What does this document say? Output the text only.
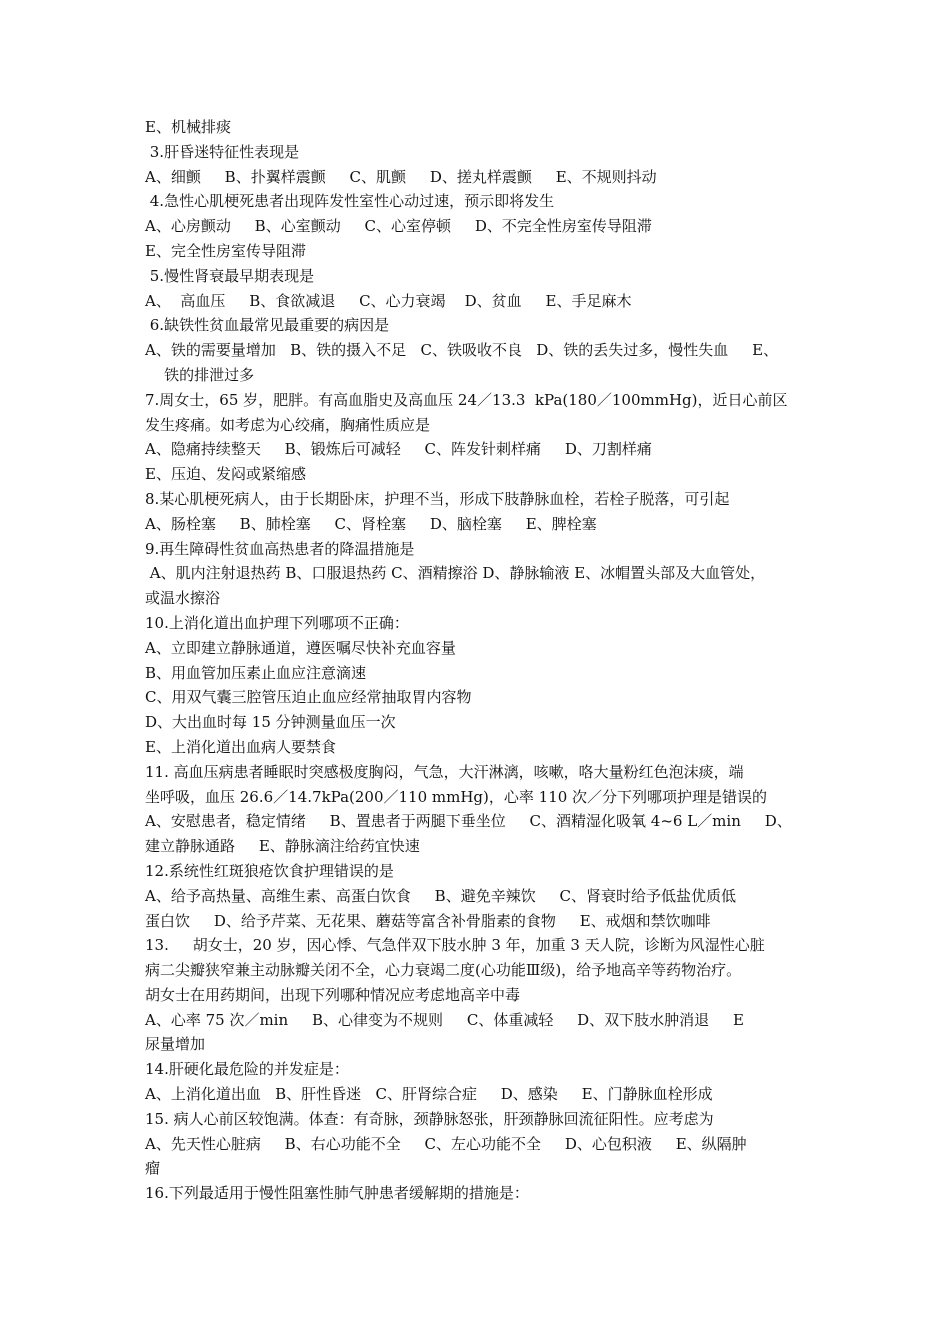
E、机械排痰
3.肝昏迷特征性表现是
A、细颤     B、扑翼样震颤     C、肌颤     D、搓丸样震颤     E、不规则抖动
4.急性心肌梗死患者出现阵发性室性心动过速，预示即将发生
A、心房颤动     B、心室颤动     C、心室停顿     D、不完全性房室传导阻滞
E、完全性房室传导阻滞
5.慢性肾衰最早期表现是
A、  高血压     B、食欲减退     C、心力衰竭    D、贫血     E、手足麻木
6.缺铁性贫血最常见最重要的病因是
A、铁的需要量增加   B、铁的摄入不足   C、铁吸收不良   D、铁的丢失过多，慢性失血     E、
铁的排泄过多
7.周女士，65 岁，肥胖。有高血脂史及高血压 24／13.3  kPa(180／100mmHg)，近日心前区
发生疼痛。如考虑为心绞痛，胸痛性质应是
A、隐痛持续整天     B、锻炼后可减轻     C、阵发针刺样痛     D、刀割样痛
E、压迫、发闷或紧缩感
8.某心肌梗死病人，由于长期卧床，护理不当，形成下肢静脉血栓，若栓子脱落，可引起
A、肠栓塞     B、肺栓塞     C、肾栓塞     D、脑栓塞     E、脾栓塞
9.再生障碍性贫血高热患者的降温措施是
A、肌内注射退热药 B、口服退热药 C、酒精擦浴 D、静脉输液 E、冰帽置头部及大血管处，
或温水擦浴
10.上消化道出血护理下列哪项不正确：
A、立即建立静脉通道，遵医嘱尽快补充血容量
B、用血管加压素止血应注意滴速
C、用双气囊三腔管压迫止血应经常抽取胃内容物
D、大出血时每 15 分钟测量血压一次
E、上消化道出血病人要禁食
11. 高血压病患者睡眠时突感极度胸闷，气急，大汗淋漓，咳嗽，咯大量粉红色泡沫痰，端
坐呼吸，血压 26.6／14.7kPa(200／110 mmHg)，心率 110 次／分下列哪项护理是错误的
A、安慰患者，稳定情绪     B、置患者于两腿下垂坐位     C、酒精湿化吸氧 4~6 L／min     D、
建立静脉通路     E、静脉滴注给药宜快速
12.系统性红斑狼疮饮食护理错误的是
A、给予高热量、高维生素、高蛋白饮食     B、避免辛辣饮     C、肾衰时给予低盐优质低
蛋白饮     D、给予芹菜、无花果、蘑菇等富含补骨脂素的食物     E、戒烟和禁饮咖啡
13.     胡女士，20 岁，因心悸、气急伴双下肢水肿 3 年，加重 3 天人院，诊断为风湿性心脏
病二尖瓣狭窄兼主动脉瓣关闭不全，心力衰竭二度(心功能Ⅲ级)，给予地高辛等药物治疗。
胡女士在用药期间，出现下列哪种情况应考虑地高辛中毒
A、心率 75 次／min     B、心律变为不规则     C、体重减轻     D、双下肢水肿消退     E
尿量增加
14.肝硬化最危险的并发症是：
A、上消化道出血   B、肝性昏迷   C、肝肾综合症     D、感染     E、门静脉血栓形成
15. 病人心前区较饱满。体查：有奇脉，颈静脉怒张，肝颈静脉回流征阳性。应考虑为
A、先天性心脏病     B、右心功能不全     C、左心功能不全     D、心包积液     E、纵隔肿
瘤
16.下列最适用于慢性阻塞性肺气肿患者缓解期的措施是：
